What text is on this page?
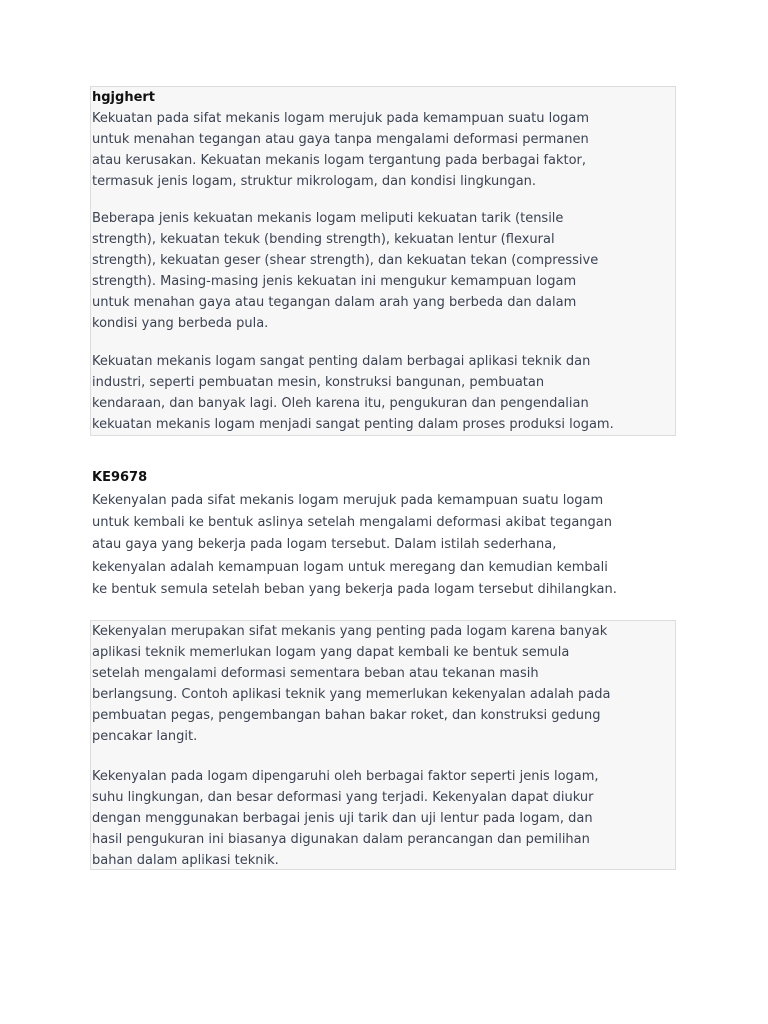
hgjghert

Kekuatan pada sifat mekanis logam merujuk pada kemampuan suatu logam
untuk menahan tegangan atau gaya tanpa mengalami deformasi permanen
atau kerusakan. Kekuatan mekanis logam tergantung pada berbagai faktor,
termasuk jenis logam, struktur mikrologam, dan kondisi lingkungan.

Beberapa jenis kekuatan mekanis logam meliputi kekuatan tarik (tensile
strength), kekuatan tekuk (bending strength), kekuatan lentur (flexural
strength), kekuatan geser (shear strength), dan kekuatan tekan (compressive
strength). Masing-masing jenis kekuatan ini mengukur kemampuan logam
untuk menahan gaya atau tegangan dalam arah yang berbeda dan dalam
kondisi yang berbeda pula.

Kekuatan mekanis logam sangat penting dalam berbagai aplikasi teknik dan
industri, seperti pembuatan mesin, konstruksi bangunan, pembuatan
kendaraan, dan banyak lagi. Oleh karena itu, pengukuran dan pengendalian
kekuatan mekanis logam menjadi sangat penting dalam proses produksi logam.

KE9678

Kekenyalan pada sifat mekanis logam merujuk pada kemampuan suatu logam
untuk kembali ke bentuk aslinya setelah mengalami deformasi akibat tegangan
atau gaya yang bekerja pada logam tersebut. Dalam istilah sederhana,
kekenyalan adalah kemampuan logam untuk meregang dan kemudian kembali
ke bentuk semula setelah beban yang bekerja pada logam tersebut dihilangkan.

Kekenyalan merupakan sifat mekanis yang penting pada logam karena banyak
aplikasi teknik memerlukan logam yang dapat kembali ke bentuk semula
setelah mengalami deformasi sementara beban atau tekanan masih
berlangsung. Contoh aplikasi teknik yang memerlukan kekenyalan adalah pada
pembuatan pegas, pengembangan bahan bakar roket, dan konstruksi gedung
pencakar langit.

Kekenyalan pada logam dipengaruhi oleh berbagai faktor seperti jenis logam,
suhu lingkungan, dan besar deformasi yang terjadi. Kekenyalan dapat diukur
dengan menggunakan berbagai jenis uji tarik dan uji lentur pada logam, dan
hasil pengukuran ini biasanya digunakan dalam perancangan dan pemilihan
bahan dalam aplikasi teknik.
